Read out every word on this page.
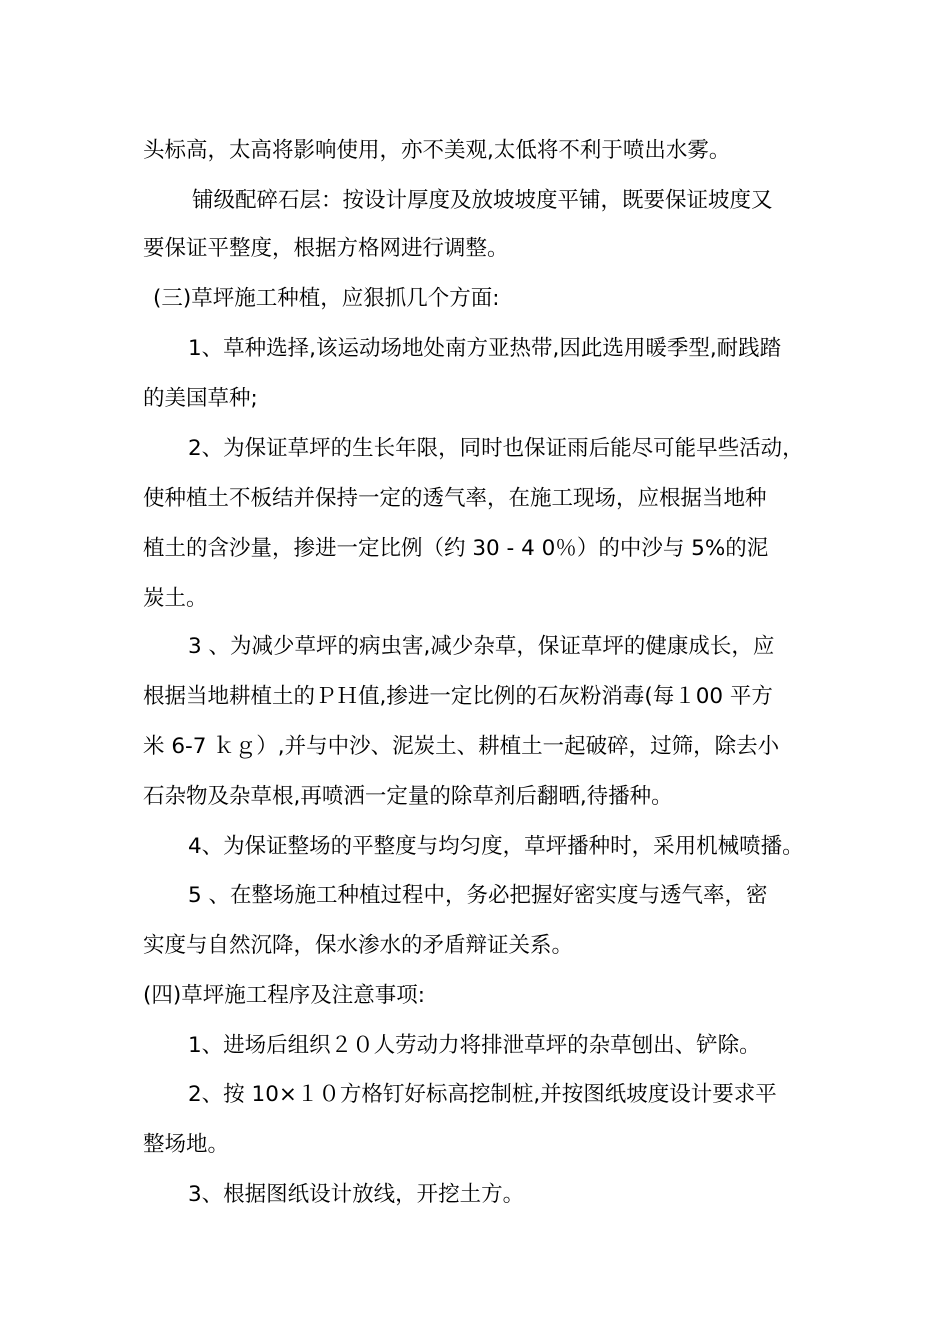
头标高，太高将影响使用，亦不美观,太低将不利于喷出水雾。
铺级配碎石层：按设计厚度及放坡坡度平铺，既要保证坡度又
要保证平整度，根据方格网进行调整。
(三)草坪施工种植，应狠抓几个方面:
1、草种选择,该运动场地处南方亚热带,因此选用暖季型,耐践踏
的美国草种;
2、为保证草坪的生长年限，同时也保证雨后能尽可能早些活动，
使种植土不板结并保持一定的透气率，在施工现场，应根据当地种
植土的含沙量，掺进一定比例（约 30 - 4 0％）的中沙与 5%的泥
炭土。
3 、为减少草坪的病虫害,减少杂草，保证草坪的健康成长，应
根据当地耕植土的ＰＨ值,掺进一定比例的石灰粉消毒(每１00 平方
米 6-7 ｋｇ）,并与中沙、泥炭土、耕植土一起破碎，过筛，除去小
石杂物及杂草根,再喷洒一定量的除草剂后翻晒,待播种。
4、为保证整场的平整度与均匀度，草坪播种时，采用机械喷播。
5 、在整场施工种植过程中，务必把握好密实度与透气率，密
实度与自然沉降，保水渗水的矛盾辩证关系。
(四)草坪施工程序及注意事项:
1、进场后组织２０人劳动力将排泄草坪的杂草刨出、铲除。
2、按 10×１０方格钉好标高挖制桩,并按图纸坡度设计要求平
整场地。
3、根据图纸设计放线，开挖土方。
